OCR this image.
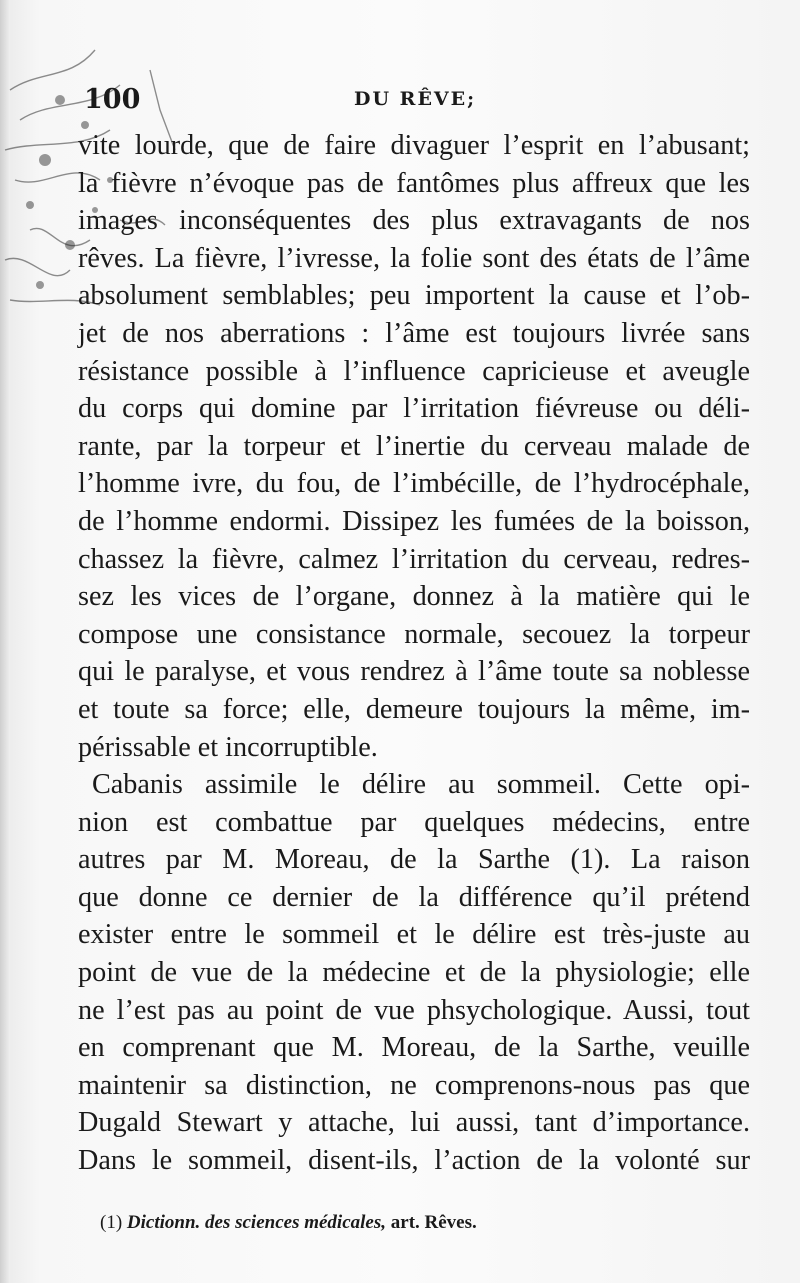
100	DU RÊVE;
vite lourde, que de faire divaguer l’esprit en l’abusant;
la fièvre n’évoque pas de fantômes plus affreux que les
images inconséquentes des plus extravagants de nos
rêves. La fièvre, l’ivresse, la folie sont des états de l’âme
absolument semblables; peu importent la cause et l’ob-
jet de nos aberrations : l’âme est toujours livrée sans
résistance possible à l’influence capricieuse et aveugle
du corps qui domine par l’irritation fiévreuse ou déli-
rante, par la torpeur et l’inertie du cerveau malade de
l’homme ivre, du fou, de l’imbécille, de l’hydrocéphale,
de l’homme endormi. Dissipez les fumées de la boisson,
chassez la fièvre, calmez l’irritation du cerveau, redres-
sez les vices de l’organe, donnez à la matière qui le
compose une consistance normale, secouez la torpeur
qui le paralyse, et vous rendrez à l’âme toute sa noblesse
et toute sa force; elle, demeure toujours la même, im-
périssable et incorruptible.
Cabanis assimile le délire au sommeil. Cette opi-
nion est combattue par quelques médecins, entre
autres par M. Moreau, de la Sarthe (1). La raison
que donne ce dernier de la différence qu’il prétend
exister entre le sommeil et le délire est très-juste au
point de vue de la médecine et de la physiologie; elle
ne l’est pas au point de vue phsychologique. Aussi, tout
en comprenant que M. Moreau, de la Sarthe, veuille
maintenir sa distinction, ne comprenons-nous pas que
Dugald Stewart y attache, lui aussi, tant d’importance.
Dans le sommeil, disent-ils, l’action de la volonté sur
(1) Dictionn. des sciences médicales, art. Rêves.
